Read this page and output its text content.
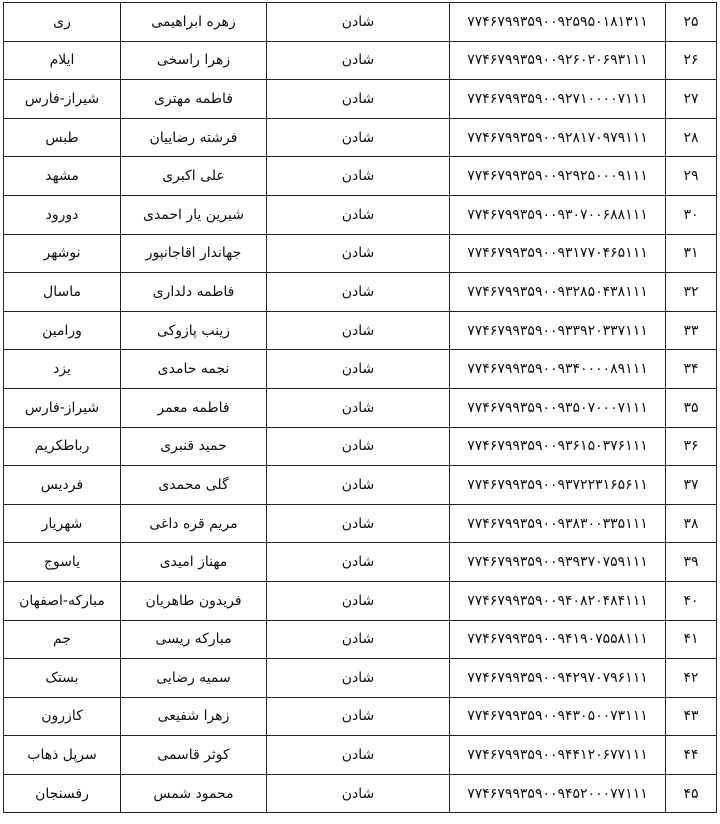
۲۵	۷۷۴۶۷۹۹۳۵۹۰۰۹۲۵۹۵۰۱۸۱۳۱۱	شادن	زهره ابراهیمی	ری
۲۶	۷۷۴۶۷۹۹۳۵۹۰۰۹۲۶۰۲۰۶۹۳۱۱۱	شادن	زهرا راسخی	ایلام
۲۷	۷۷۴۶۷۹۹۳۵۹۰۰۹۲۷۱۰۰۰۰۷۱۱۱	شادن	فاطمه مهتری	شیراز-فارس
۲۸	۷۷۴۶۷۹۹۳۵۹۰۰۹۲۸۱۷۰۹۷۹۱۱۱	شادن	فرشته رضاییان	طبس
۲۹	۷۷۴۶۷۹۹۳۵۹۰۰۹۲۹۲۵۰۰۰۹۱۱۱	شادن	علی اکبری	مشهد
۳۰	۷۷۴۶۷۹۹۳۵۹۰۰۹۳۰۷۰۰۶۸۸۱۱۱	شادن	شیرین یار احمدی	دورود
۳۱	۷۷۴۶۷۹۹۳۵۹۰۰۹۳۱۷۷۰۴۶۵۱۱۱	شادن	جهاندار اقاجانپور	نوشهر
۳۲	۷۷۴۶۷۹۹۳۵۹۰۰۹۳۲۸۵۰۴۳۸۱۱۱	شادن	فاطمه دلداری	ماسال
۳۳	۷۷۴۶۷۹۹۳۵۹۰۰۹۳۳۹۲۰۳۳۷۱۱۱	شادن	زینب پازوکی	ورامین
۳۴	۷۷۴۶۷۹۹۳۵۹۰۰۹۳۴۰۰۰۰۸۹۱۱۱	شادن	نجمه حامدی	یزد
۳۵	۷۷۴۶۷۹۹۳۵۹۰۰۹۳۵۰۷۰۰۰۷۱۱۱	شادن	فاطمه معمر	شیراز-فارس
۳۶	۷۷۴۶۷۹۹۳۵۹۰۰۹۳۶۱۵۰۳۷۶۱۱۱	شادن	حمید قنبری	رباطکریم
۳۷	۷۷۴۶۷۹۹۳۵۹۰۰۹۳۷۲۲۳۱۶۵۶۱۱	شادن	گلی محمدی	فردیس
۳۸	۷۷۴۶۷۹۹۳۵۹۰۰۹۳۸۳۰۰۳۳۵۱۱۱	شادن	مریم قره داغی	شهریار
۳۹	۷۷۴۶۷۹۹۳۵۹۰۰۹۳۹۳۷۰۷۵۹۱۱۱	شادن	مهناز امیدی	یاسوج
۴۰	۷۷۴۶۷۹۹۳۵۹۰۰۹۴۰۸۲۰۴۸۴۱۱۱	شادن	فریدون طاهریان	مبارکه-اصفهان
۴۱	۷۷۴۶۷۹۹۳۵۹۰۰۹۴۱۹۰۷۵۵۸۱۱۱	شادن	مبارکه ریسی	جم
۴۲	۷۷۴۶۷۹۹۳۵۹۰۰۹۴۲۹۷۰۷۹۶۱۱۱	شادن	سمیه رضایی	بستک
۴۳	۷۷۴۶۷۹۹۳۵۹۰۰۹۴۳۰۵۰۰۷۳۱۱۱	شادن	زهرا شفیعی	کازرون
۴۴	۷۷۴۶۷۹۹۳۵۹۰۰۹۴۴۱۲۰۶۷۷۱۱۱	شادن	کوثر قاسمی	سرپل ذهاب
۴۵	۷۷۴۶۷۹۹۳۵۹۰۰۹۴۵۲۰۰۰۷۷۱۱۱	شادن	محمود شمس	رفسنجان
